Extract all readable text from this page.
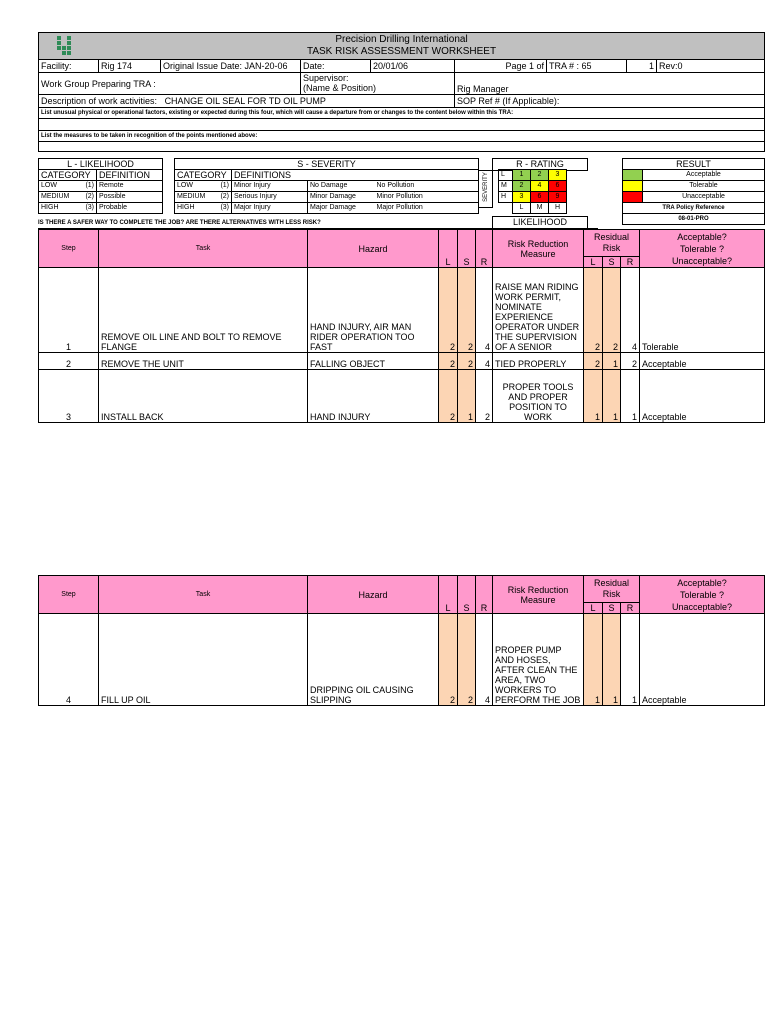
Precision Drilling International
TASK RISK ASSESSMENT WORKSHEET								

Facility:	Rig 174	Original Issue Date: JAN-20-06	Date:	20/01/06	Page 1 of	TRA # : 65	1	Rev:0
Work Group Preparing TRA :			Supervisor:
(Name & Position)		Rig Manager			
Description of work activities: CHANGE OIL SEAL FOR TD OIL PUMP					SOP Ref # (If Applicable):			
List unusual physical or operational factors, existing or expected during this four, which will cause a departure from or changes to the content below within this TRA:								

List the measures to be taken in recognition of the points mentioned above:								

L - LIKELIHOOD	
CATEGORY	DEFINITION
LOW (1)	Remote
MEDIUM (2)	Possible
HIGH (3)	Probable
S - SEVERITY			
CATEGORY	DEFINITIONS		
LOW (1)	Minor Injury	No Damage	No Pollution
MEDIUM (2)	Serious Injury	Minor Damage	Minor Pollution
HIGH (3)	Major Injury	Major Damage	Major Pollution
R - RATING
SEVERITY L	1	2	3
M	2	4	6
H	3	6	9
	L	M	H
LIKELIHOOD
RESULT	
	Acceptable
	Tolerable
	Unacceptable
TRA Policy Reference	
08-01-PRO	
IS THERE A SAFER WAY TO COMPLETE THE JOB? ARE THERE ALTERNATIVES WITH LESS RISK?
Step	Task	Hazard	L	S	R	Risk Reduction Measure	Residual Risk			Acceptable?
Tolerable ?
Unacceptable?

							L	S	R	
1	REMOVE OIL LINE AND BOLT TO REMOVE FLANGE	HAND INJURY, AIR MAN RIDER OPERATION TOO FAST	2	2	4	RAISE MAN RIDING WORK PERMIT, NOMINATE EXPERIENCE OPERATOR UNDER THE SUPERVISION OF A SENIOR	2	2	4	Tolerable
2	REMOVE THE UNIT	FALLING OBJECT	2	2	4	TIED PROPERLY	2	1	2	Acceptable
3	INSTALL BACK	HAND INJURY	2	1	2	PROPER TOOLS AND PROPER POSITION TO WORK	1	1	1	Acceptable
Step	Task	Hazard	L	S	R	Risk Reduction Measure	Residual Risk			Acceptable?
Tolerable ?
Unacceptable?

							L	S	R	
4	FILL UP OIL	DRIPPING OIL CAUSING SLIPPING	2	2	4	PROPER PUMP AND HOSES, AFTER CLEAN THE AREA, TWO WORKERS TO PERFORM THE JOB	1	1	1	Acceptable
